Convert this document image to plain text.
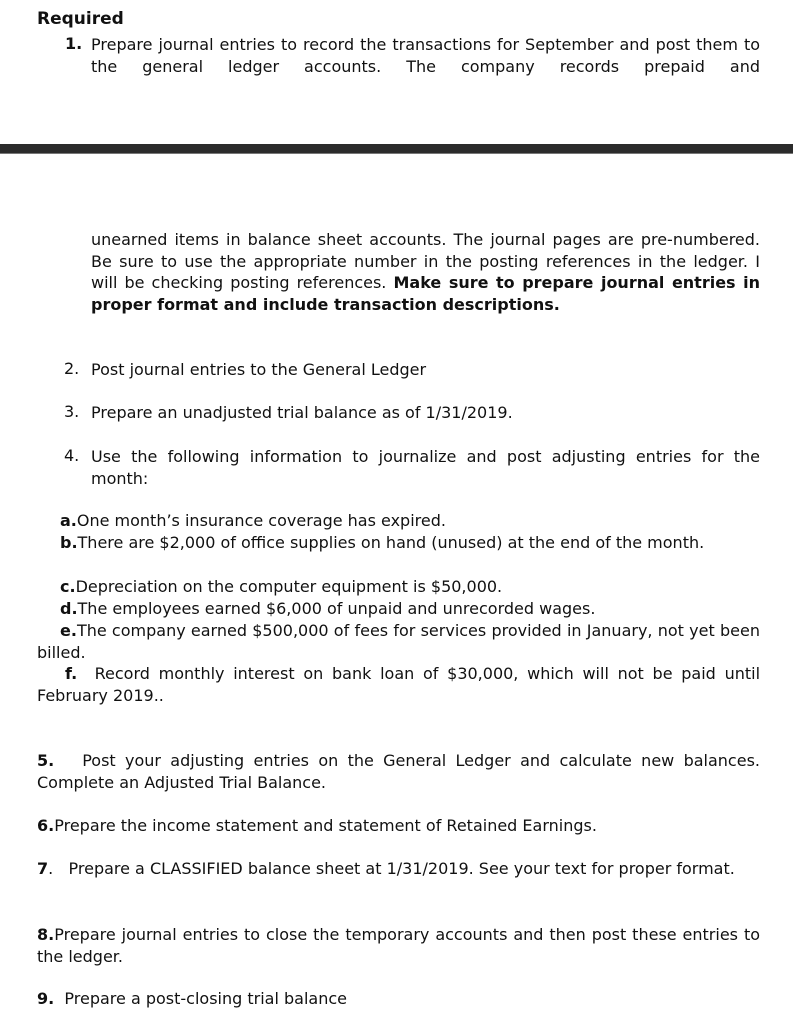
Required
1. Prepare journal entries to record the transactions for September and post them to the general ledger accounts. The company records prepaid and
unearned items in balance sheet accounts. The journal pages are pre-numbered. Be sure to use the appropriate number in the posting references in the ledger. I will be checking posting references. Make sure to prepare journal entries in proper format and include transaction descriptions.
2. Post journal entries to the General Ledger
3. Prepare an unadjusted trial balance as of 1/31/2019.
4. Use the following information to journalize and post adjusting entries for the month:
a.One month’s insurance coverage has expired.
b.There are $2,000 of office supplies on hand (unused) at the end of the month.
c.Depreciation on the computer equipment is $50,000.
d.The employees earned $6,000 of unpaid and unrecorded wages.
e.The company earned $500,000 of fees for services provided in January, not yet been billed.
f. Record monthly interest on bank loan of $30,000, which will not be paid until February 2019..
5. Post your adjusting entries on the General Ledger and calculate new balances. Complete an Adjusted Trial Balance.
6.Prepare the income statement and statement of Retained Earnings.
7. Prepare a CLASSIFIED balance sheet at 1/31/2019. See your text for proper format.
8.Prepare journal entries to close the temporary accounts and then post these entries to the ledger.
9. Prepare a post-closing trial balance
